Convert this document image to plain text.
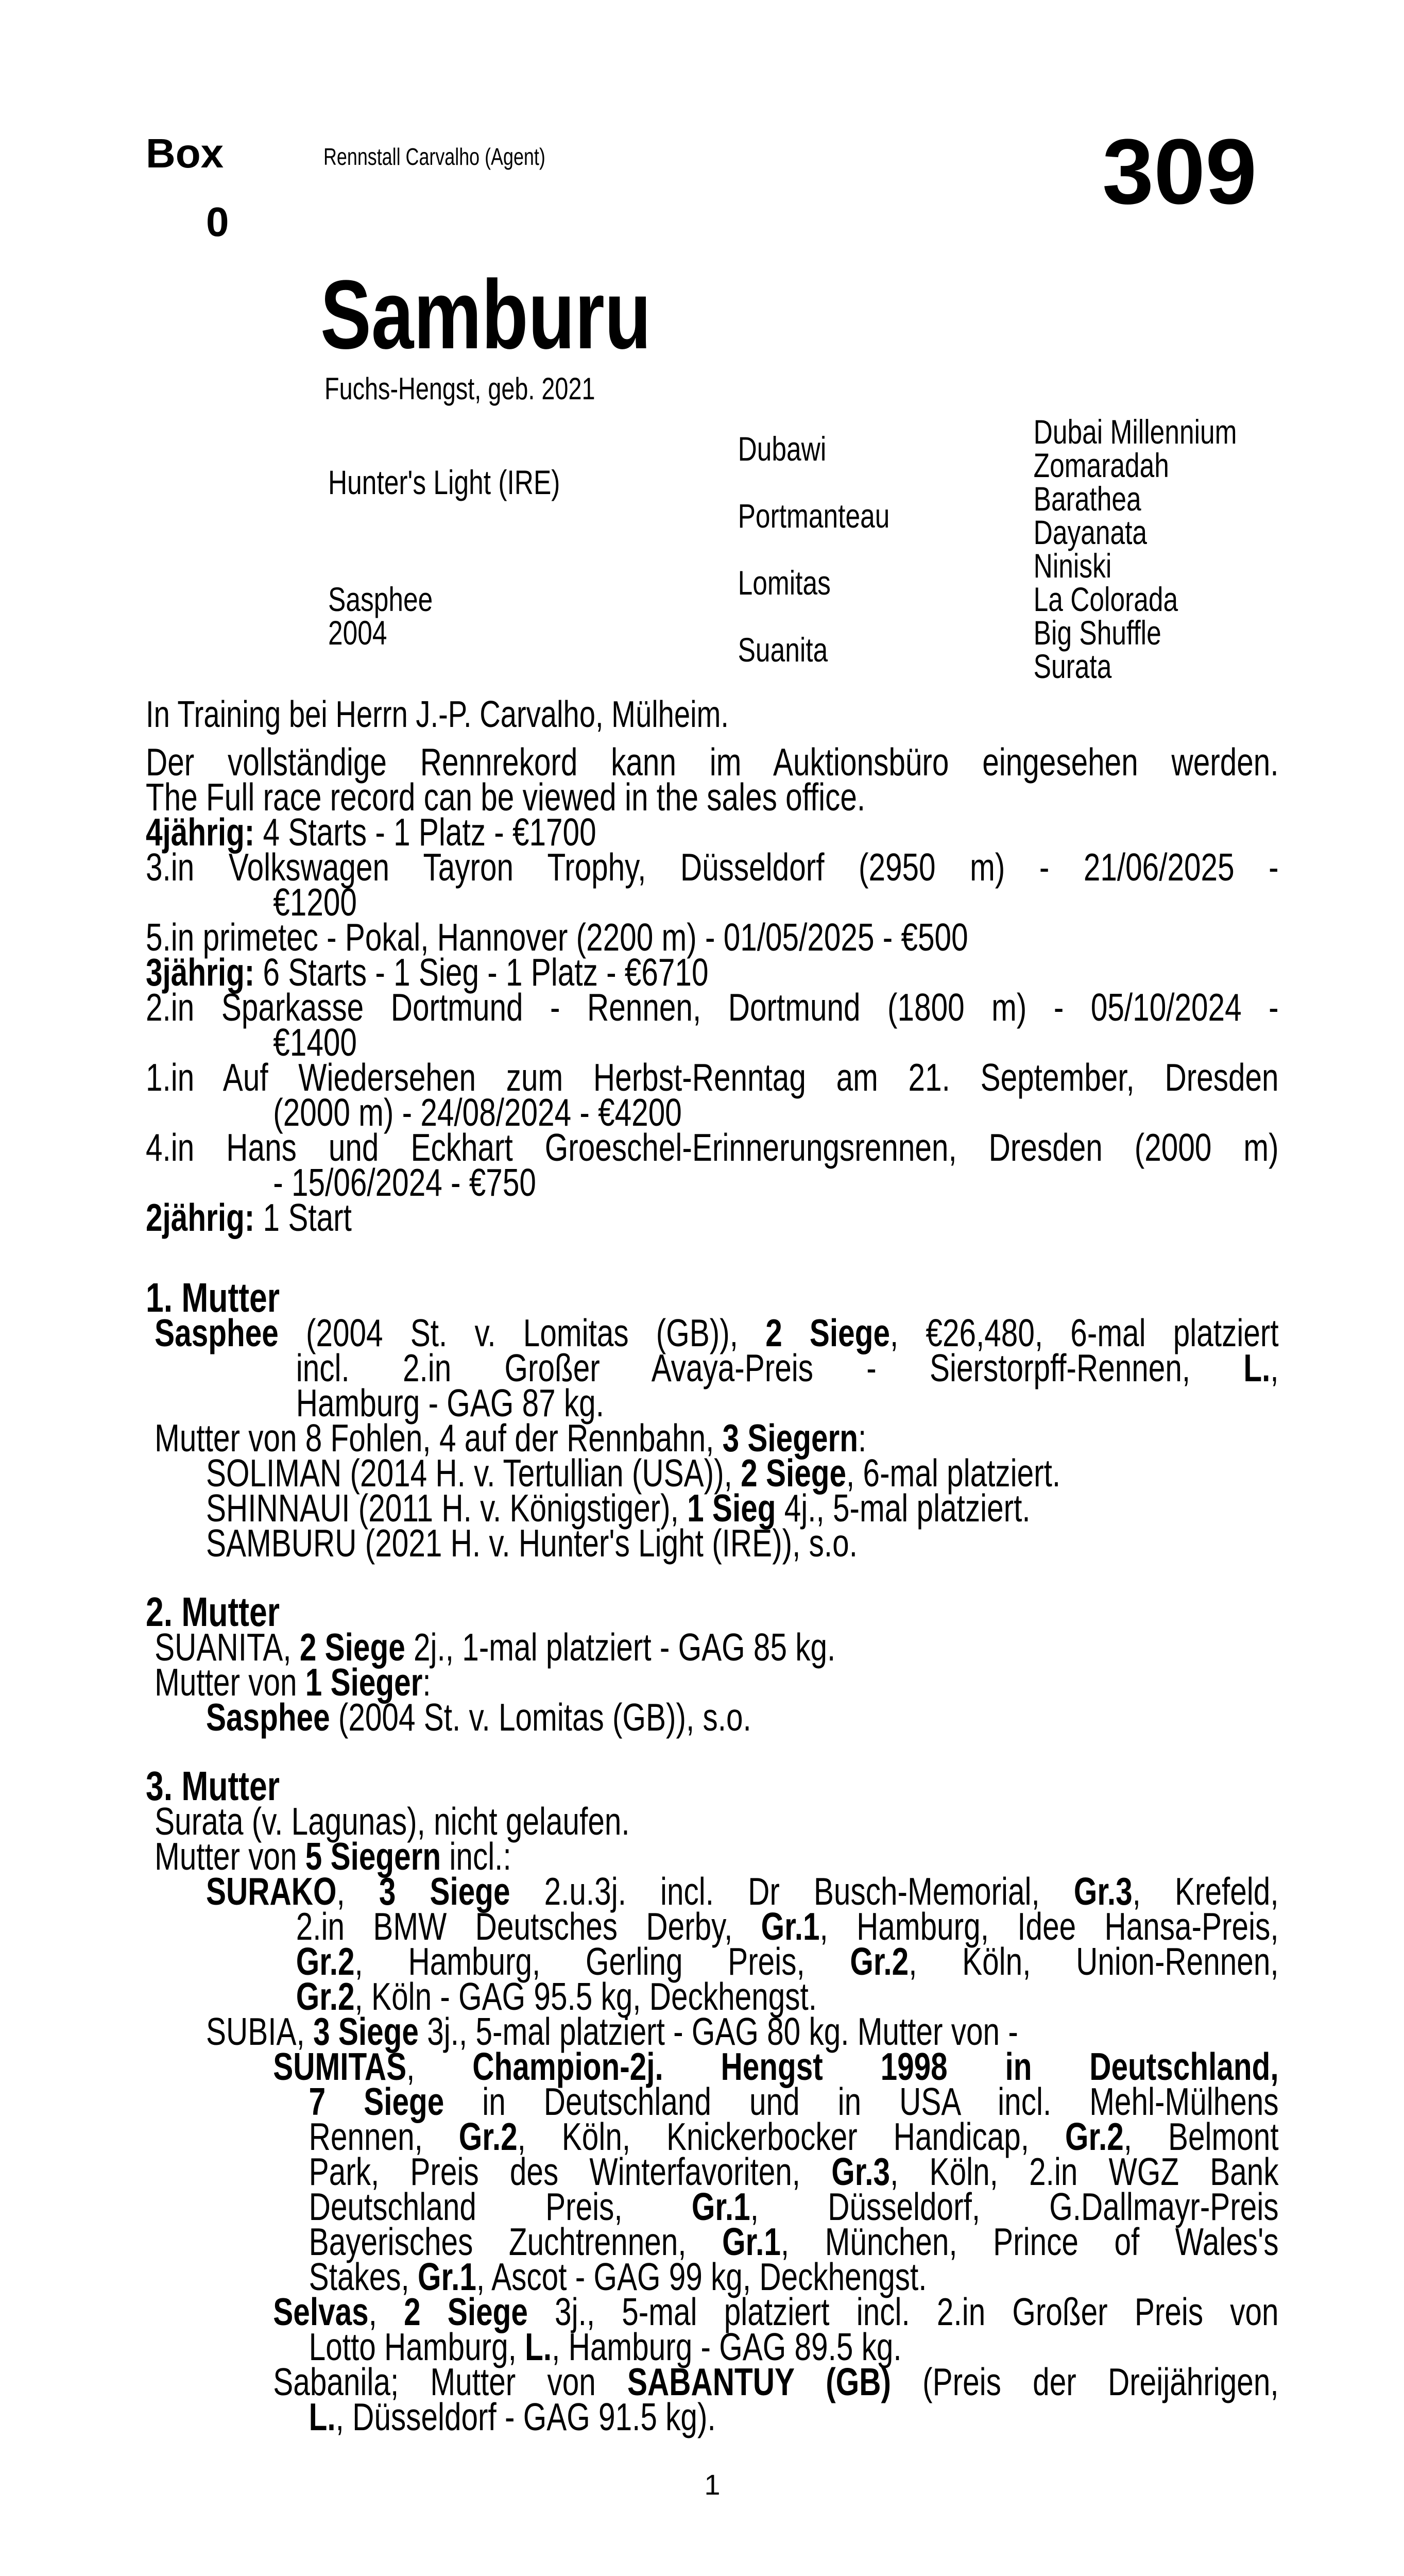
Box
0
Rennstall Carvalho (Agent)	309
Samburu
Fuchs-Hengst, geb. 2021
Hunter's Light (IRE)
Sasphee
2004
Dubawi
Portmanteau
Lomitas
Suanita
Dubai Millennium
Zomaradah
Barathea
Dayanata
Niniski
La Colorada
Big Shuffle
Surata
In Training bei Herrn J.-P. Carvalho, Mülheim.
Der vollständige Rennrekord kann im Auktionsbüro eingesehen werden.
The Full race record can be viewed in the sales office.
4jährig: 4 Starts - 1 Platz - €1700
3.in Volkswagen Tayron Trophy, Düsseldorf (2950 m) - 21/06/2025 -
€1200
5.in primetec - Pokal, Hannover (2200 m) - 01/05/2025 - €500
3jährig: 6 Starts - 1 Sieg - 1 Platz - €6710
2.in Sparkasse Dortmund - Rennen, Dortmund (1800 m) - 05/10/2024 -
€1400
1.in Auf Wiedersehen zum Herbst-Renntag am 21. September, Dresden
(2000 m) - 24/08/2024 - €4200
4.in Hans und Eckhart Groeschel-Erinnerungsrennen, Dresden (2000 m)
- 15/06/2024 - €750
2jährig: 1 Start
1. Mutter
Sasphee (2004 St. v. Lomitas (GB)), 2 Siege, €26,480, 6-mal platziert
incl. 2.in Großer Avaya-Preis - Sierstorpff-Rennen, L.,
Hamburg - GAG 87 kg.
Mutter von 8 Fohlen, 4 auf der Rennbahn, 3 Siegern:
SOLIMAN (2014 H. v. Tertullian (USA)), 2 Siege, 6-mal platziert.
SHINNAUI (2011 H. v. Königstiger), 1 Sieg 4j., 5-mal platziert.
SAMBURU (2021 H. v. Hunter's Light (IRE)), s.o.
2. Mutter
SUANITA, 2 Siege 2j., 1-mal platziert - GAG 85 kg.
Mutter von 1 Sieger:
Sasphee (2004 St. v. Lomitas (GB)), s.o.
3. Mutter
Surata (v. Lagunas), nicht gelaufen.
Mutter von 5 Siegern incl.:
SURAKO, 3 Siege 2.u.3j. incl. Dr Busch-Memorial, Gr.3, Krefeld,
2.in BMW Deutsches Derby, Gr.1, Hamburg, Idee Hansa-Preis,
Gr.2, Hamburg, Gerling Preis, Gr.2, Köln, Union-Rennen,
Gr.2, Köln - GAG 95.5 kg, Deckhengst.
SUBIA, 3 Siege 3j., 5-mal platziert - GAG 80 kg. Mutter von -
SUMITAS, Champion-2j. Hengst 1998 in Deutschland,
7 Siege in Deutschland und in USA incl. Mehl-Mülhens
Rennen, Gr.2, Köln, Knickerbocker Handicap, Gr.2, Belmont
Park, Preis des Winterfavoriten, Gr.3, Köln, 2.in WGZ Bank
Deutschland Preis, Gr.1, Düsseldorf, G.Dallmayr-Preis
Bayerisches Zuchtrennen, Gr.1, München, Prince of Wales's
Stakes, Gr.1, Ascot - GAG 99 kg, Deckhengst.
Selvas, 2 Siege 3j., 5-mal platziert incl. 2.in Großer Preis von
Lotto Hamburg, L., Hamburg - GAG 89.5 kg.
Sabanila; Mutter von SABANTUY (GB) (Preis der Dreijährigen,
L., Düsseldorf - GAG 91.5 kg).
1
